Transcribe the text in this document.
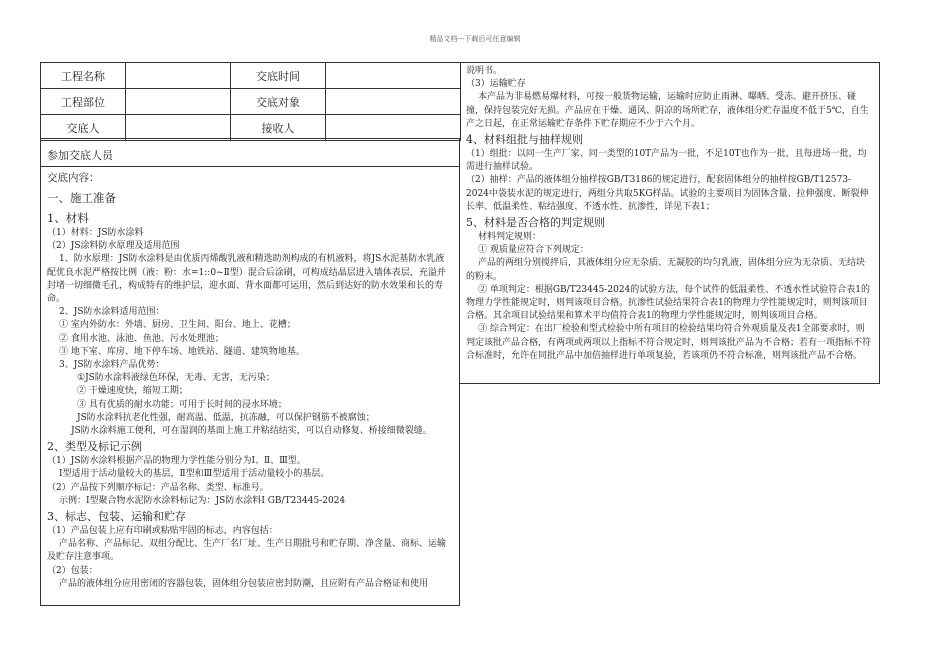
精品文档---下载后可任意编辑
工程名称		交底时间	
工程部位		交底对象	
交底人		接收人	
参加交底人员

交底内容：

一、施工准备

1、材料

（1）材料：JS防水涂料

（2）JS涂料防水原理及适用范围

1、防水原理：JS防水涂料是由优质丙烯酸乳液和精选助剂构成的有机液料，将JS水泥基防水乳液配优良水泥严格按比例（液：粉：水=1::0~Ⅱ型）混合后涂刷，可构成结晶层进入墙体表层，充溢并封堵一切细微毛孔，构成特有的维护层，迎水面、背水面都可运用，然后到达好的防水效果和长的寿命。

2、JS防水涂料适用范围：

① 室内外防水：外墙、厨房、卫生间、阳台、地上、花槽；

② 食用水池、泳池、鱼池、污水处理池；

③ 地下室、库房、地下停车场、地铁站、隧道、建筑物地基。

3、JS防水涂料产品优势：

①JS防水涂料液绿色环保，无毒、无害，无污染；

② 干燥速度快，缩短工期；

③ 具有优质的耐水功能；可用于长时间的浸水环境；

JS防水涂料抗老化性强，耐高温、低温，抗冻融，可以保护钢筋不被腐蚀；

JS防水涂料施工便利，可在湿润的基面上施工并粘结结实，可以自动修复、桥接细微裂缝。

2、类型及标记示例

（1）JS防水涂料根据产品的物理力学性能分别分为Ⅰ、Ⅱ、Ⅲ型。

Ⅰ型适用于活动量较大的基层，Ⅱ型和Ⅲ型适用于活动量较小的基层。

（2）产品按下列顺序标记：产品名称、类型、标准号。

示例：Ⅰ型聚合物水泥防水涂料标记为：JS防水涂料Ⅰ GB/T23445-2024

3、标志、包装、运输和贮存

（1）产品包装上应有印刷或粘贴牢固的标志，内容包括：

产品名称、产品标记、双组分配比、生产厂名厂址、生产日期批号和贮存期、净含量、商标、运输及贮存注意事项。

（2）包装：

产品的液体组分应用密闭的容器包装，固体组分包装应密封防潮，且应附有产品合格证和使用

说明书。

（3）运输贮存

本产品为非易燃易爆材料，可按一般货物运输，运输时应防止雨淋、曝晒、受冻、避开挤压、碰撞，保持包装完好无损。产品应在干燥、通风、阴凉的场所贮存，液体组分贮存温度不低于5℃，自生产之日起，在正常运输贮存条件下贮存期应不少于六个月。

4、材料组批与抽样规则

（1）组批：以同一生产厂家、同一类型的10T产品为一批，不足10T也作为一批，且每进场一批，均需进行抽样试验。

（2）抽样：产品的液体组分抽样按GB/T3186的规定进行，配套固体组分的抽样按GB/T12573-2024中袋装水泥的规定进行，两组分共取5KG样品。试验的主要项目为固体含量、拉伸强度、断裂伸长率、低温柔性、粘结强度、不透水性、抗渗性，详见下表1；

5、材料是否合格的判定规则

材料判定规则：

① 观质量应符合下列规定：

产品的两组分别搅拌后，其液体组分应无杂质、无凝胶的均匀乳液，固体组分应为无杂质、无结块的粉末。

② 单项判定：根据GB/T23445-2024的试验方法，每个试件的低温柔性、不透水性试验符合表1的物理力学性能规定时，则判该项目合格。抗渗性试验结果符合表1的物理力学性能规定时，则判该项目合格。其余项目试验结果和算术平均值符合表1的物理力学性能规定时，则判该项目合格。

③ 综合判定：在出厂检验和型式检验中所有项目的检验结果均符合外观质量及表1全部要求时，则判定该批产品合格，有两项或两项以上指标不符合规定时，则判该批产品为不合格；若有一项指标不符合标准时，允许在同批产品中加倍抽样进行单项复验，若该项仍不符合标准，则判该批产品不合格。
